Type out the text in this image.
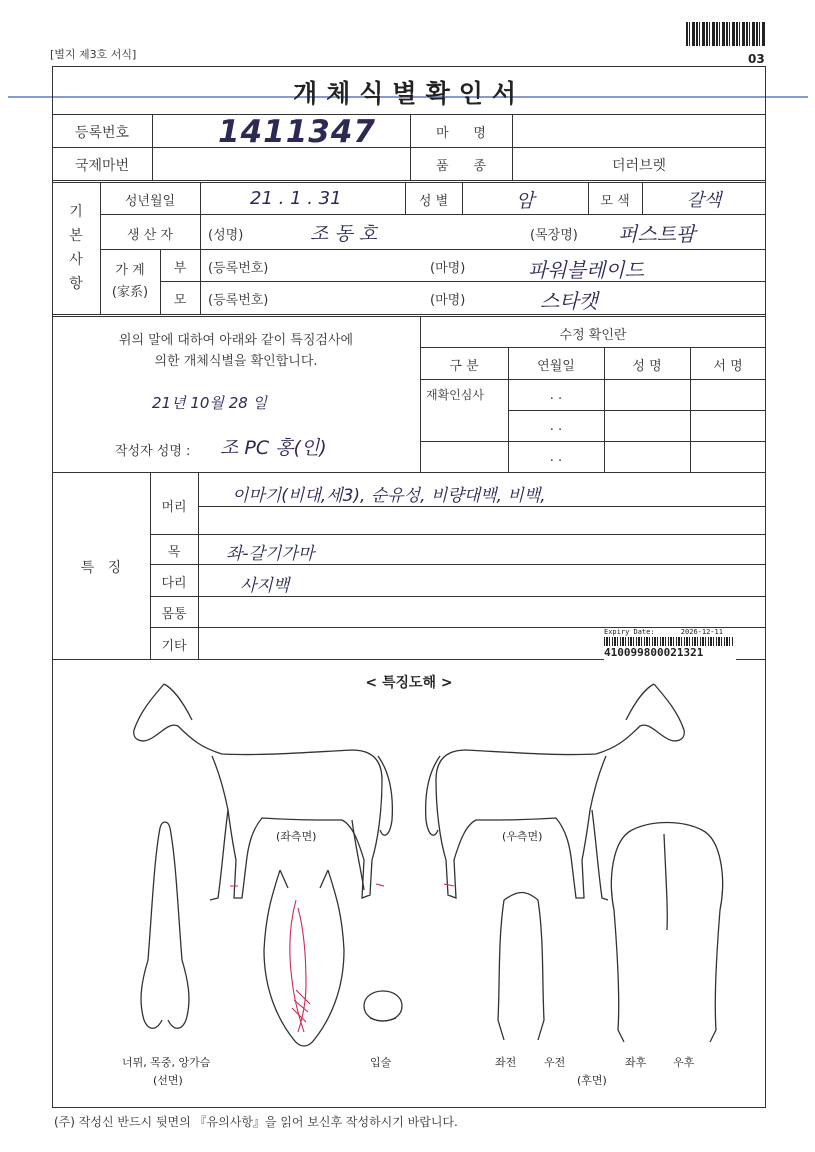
[별지 제3호 서식]	03
개체식별확인서
등록번호	1411347	마      명
국제마번	품      종	더러브렛
기
본
사
항
성년월일	21 . 1 . 31	성 별	암	모 색	갈색
생 산 자	(성명)	조 동 호	(목장명) 퍼스트팜
가 계
(家系)
부	(등록번호)	(마명)	파워블레이드
모	(등록번호)	(마명)	스타캣
위의 말에 대하여 아래와 같이 특징검사에
의한 개체식별을 확인합니다.
21년 10월 28 일
작성자 성명 : 조 PC 홍(인)
수정 확인란
구 분	연월일	성 명	서 명
재확인심사	. .
. .
. .
특   징
머리
이마기(비대,세3), 순유성, 비량대백, 비백,
목	좌-갈기가마
다리	사지백
몸통
기타
Expiry Date:	2026-12-11
410099800021321
< 특징도해 >
(좌측면)	(우측면)
너뮈, 목중, 앙가슴
(선면)
입술	좌전	우전	좌후 우후
(후면)
(주) 작성신 반드시 뒷면의 『유의사항』을 읽어 보신후 작성하시기 바랍니다.
